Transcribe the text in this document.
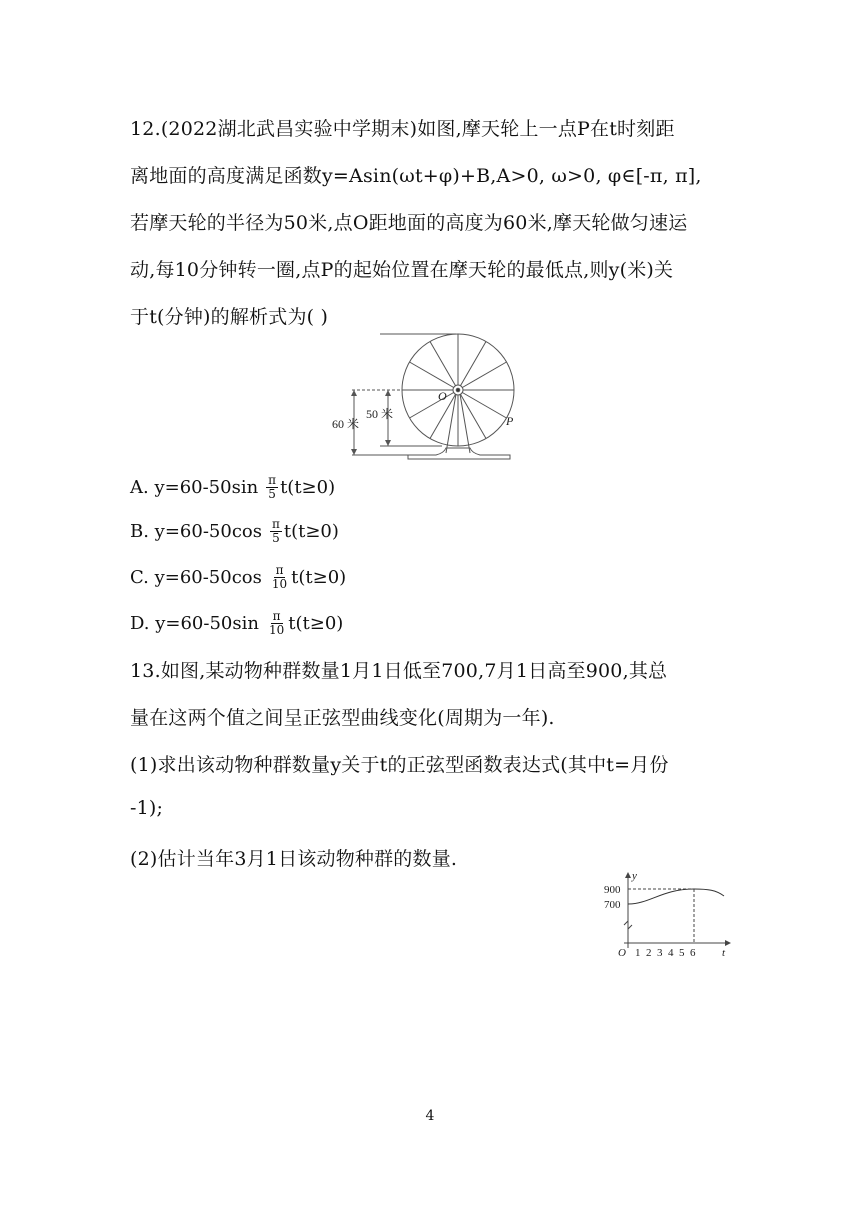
12.(2022湖北武昌实验中学期末)如图,摩天轮上一点P在t时刻距
离地面的高度满足函数y=Asin(ωt+φ)+B,A>0, ω>0, φ∈[-π, π],
若摩天轮的半径为50米,点O距地面的高度为60米,摩天轮做匀速运
动,每10分钟转一圈,点P的起始位置在摩天轮的最低点,则y(米)关
于t(分钟)的解析式为( )
60 米
50 米
O
P
A. $y=60-50\sin \frac{\pi}{5} t(t\ge 0)$
B. $y=60-50\cos \frac{\pi}{5} t(t\ge 0)$
C. $y=60-50\cos \frac{\pi}{10} t(t\ge 0)$
D. $y=60-50\sin \frac{\pi}{10} t(t\ge 0)$
13.如图,某动物种群数量1月1日低至700,7月1日高至900,其总
量在这两个值之间呈正弦型曲线变化(周期为一年).
(1)求出该动物种群数量y关于t的正弦型函数表达式(其中t=月份
-1);
(2)估计当年3月1日该动物种群的数量.
y
t
O
900
700
1 2 3 4 5 6
4
